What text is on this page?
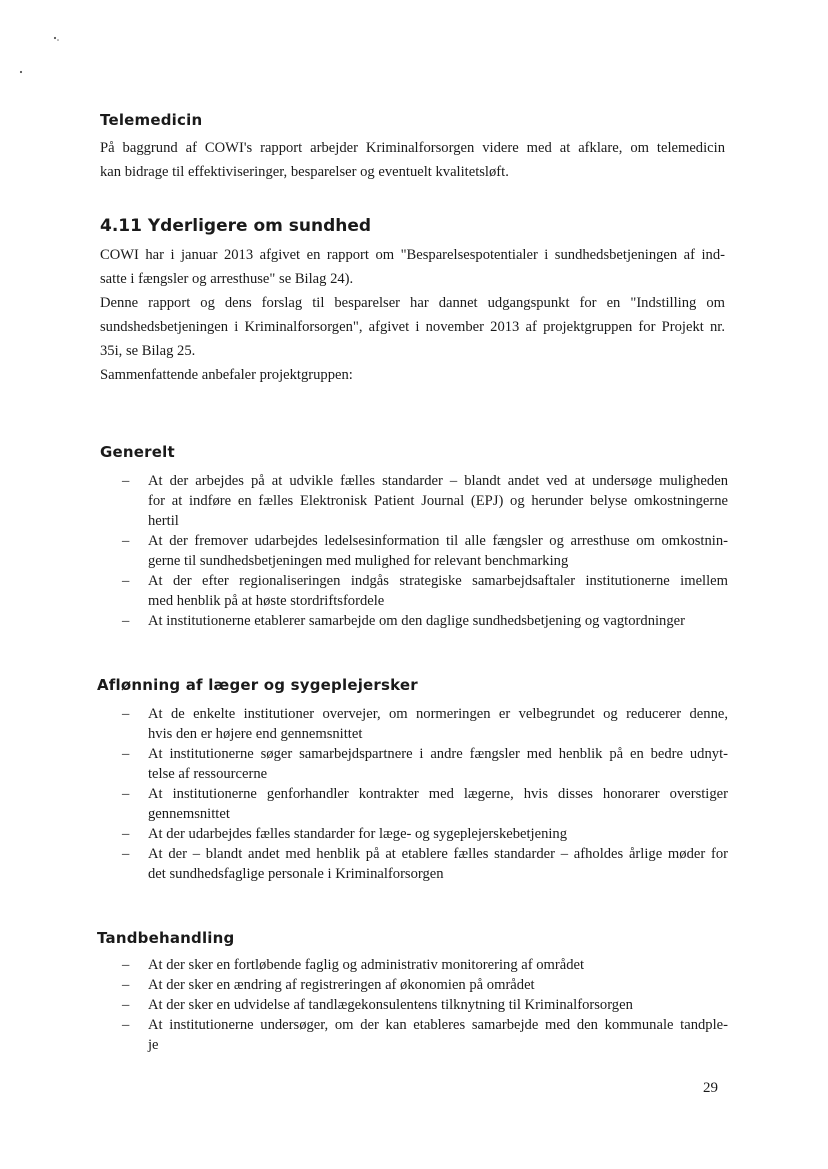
Telemedicin
På baggrund af COWI's rapport arbejder Kriminalforsorgen videre med at afklare, om telemedicin
kan bidrage til effektiviseringer, besparelser og eventuelt kvalitetsløft.
4.11 Yderligere om sundhed
COWI har i januar 2013 afgivet en rapport om "Besparelsespotentialer i sundhedsbetjeningen af ind-
satte i fængsler og arresthuse" se Bilag 24).
Denne rapport og dens forslag til besparelser har dannet udgangspunkt for en "Indstilling om
sundshedsbetjeningen i Kriminalforsorgen", afgivet i november 2013 af projektgruppen for Projekt nr.
35i, se Bilag 25.
Sammenfattende anbefaler projektgruppen:
Generelt
– At der arbejdes på at udvikle fælles standarder – blandt andet ved at undersøge muligheden
for at indføre en fælles Elektronisk Patient Journal (EPJ) og herunder belyse omkostningerne
hertil
– At der fremover udarbejdes ledelsesinformation til alle fængsler og arresthuse om omkostnin-
gerne til sundhedsbetjeningen med mulighed for relevant benchmarking
– At der efter regionaliseringen indgås strategiske samarbejdsaftaler institutionerne imellem
med henblik på at høste stordriftsfordele
– At institutionerne etablerer samarbejde om den daglige sundhedsbetjening og vagtordninger
Aflønning af læger og sygeplejersker
– At de enkelte institutioner overvejer, om normeringen er velbegrundet og reducerer denne,
hvis den er højere end gennemsnittet
– At institutionerne søger samarbejdspartnere i andre fængsler med henblik på en bedre udnyt-
telse af ressourcerne
– At institutionerne genforhandler kontrakter med lægerne, hvis disses honorarer overstiger
gennemsnittet
– At der udarbejdes fælles standarder for læge- og sygeplejerskebetjening
– At der – blandt andet med henblik på at etablere fælles standarder – afholdes årlige møder for
det sundhedsfaglige personale i Kriminalforsorgen
Tandbehandling
– At der sker en fortløbende faglig og administrativ monitorering af området
– At der sker en ændring af registreringen af økonomien på området
– At der sker en udvidelse af tandlægekonsulentens tilknytning til Kriminalforsorgen
– At institutionerne undersøger, om der kan etableres samarbejde med den kommunale tandple-
je
29
